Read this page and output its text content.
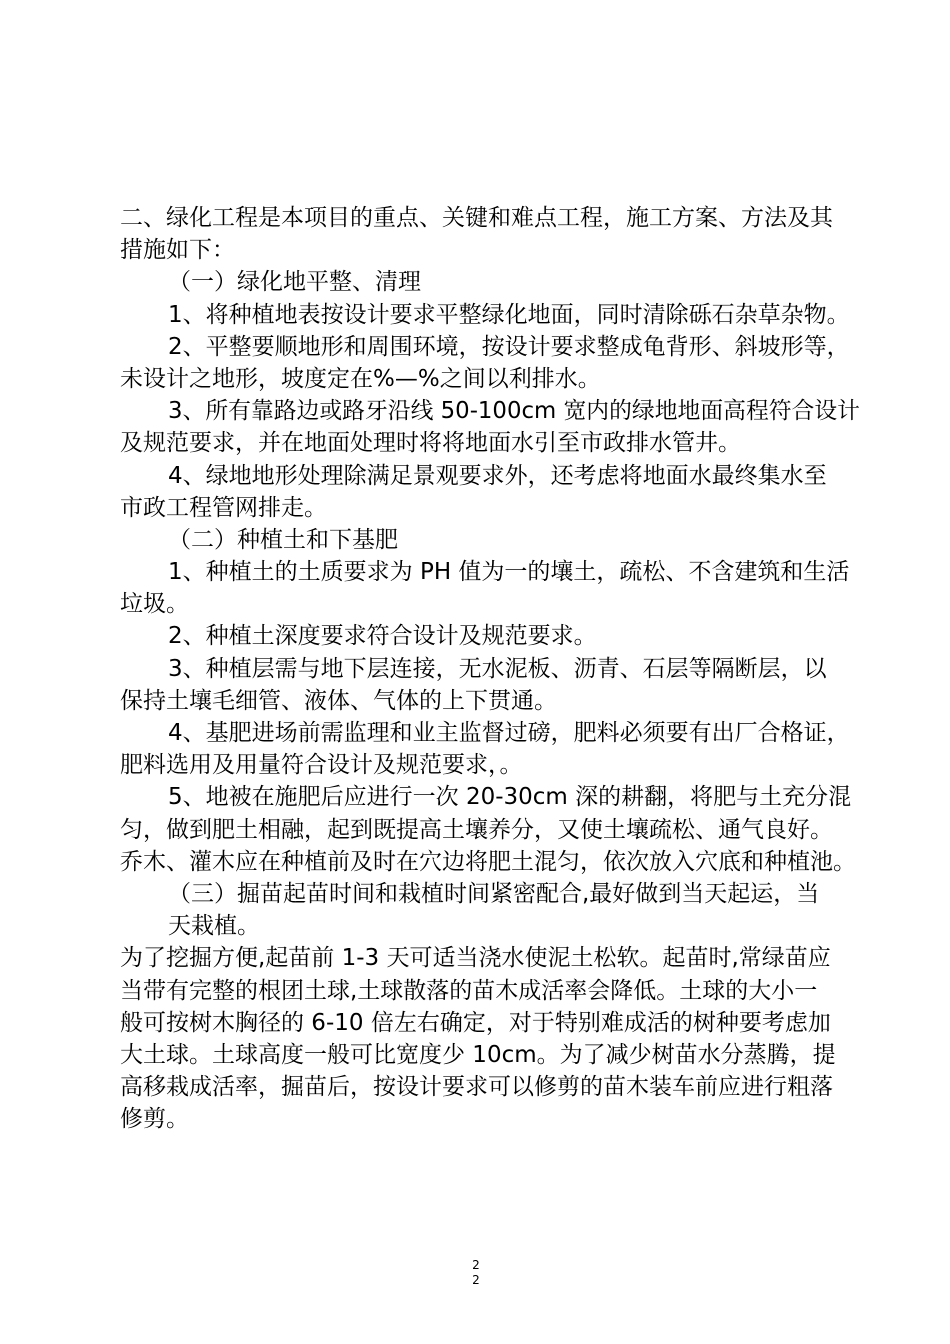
二、绿化工程是本项目的重点、关键和难点工程，施工方案、方法及其
措施如下：
（一）绿化地平整、清理
1、将种植地表按设计要求平整绿化地面，同时清除砾石杂草杂物。
2、平整要顺地形和周围环境，按设计要求整成龟背形、斜坡形等，
未设计之地形，坡度定在%—%之间以利排水。
3、所有靠路边或路牙沿线 50-100cm 宽内的绿地地面高程符合设计
及规范要求，并在地面处理时将将地面水引至市政排水管井。
4、绿地地形处理除满足景观要求外，还考虑将地面水最终集水至
市政工程管网排走。
（二）种植土和下基肥
1、种植土的土质要求为 PH 值为一的壤土，疏松、不含建筑和生活
垃圾。
2、种植土深度要求符合设计及规范要求。
3、种植层需与地下层连接，无水泥板、沥青、石层等隔断层，以
保持土壤毛细管、液体、气体的上下贯通。
4、基肥进场前需监理和业主监督过磅，肥料必须要有出厂合格证，
肥料选用及用量符合设计及规范要求，。
5、地被在施肥后应进行一次 20-30cm 深的耕翻，将肥与土充分混
匀，做到肥土相融，起到既提高土壤养分，又使土壤疏松、通气良好。
乔木、灌木应在种植前及时在穴边将肥土混匀，依次放入穴底和种植池。
（三）掘苗起苗时间和栽植时间紧密配合,最好做到当天起运，当
天栽植。
为了挖掘方便,起苗前 1-3 天可适当浇水使泥土松软。起苗时,常绿苗应
当带有完整的根团土球,土球散落的苗木成活率会降低。土球的大小一
般可按树木胸径的 6-10 倍左右确定，对于特别难成活的树种要考虑加
大土球。土球高度一般可比宽度少 10cm。为了减少树苗水分蒸腾，提
高移栽成活率，掘苗后，按设计要求可以修剪的苗木装车前应进行粗落
修剪。
2
2
